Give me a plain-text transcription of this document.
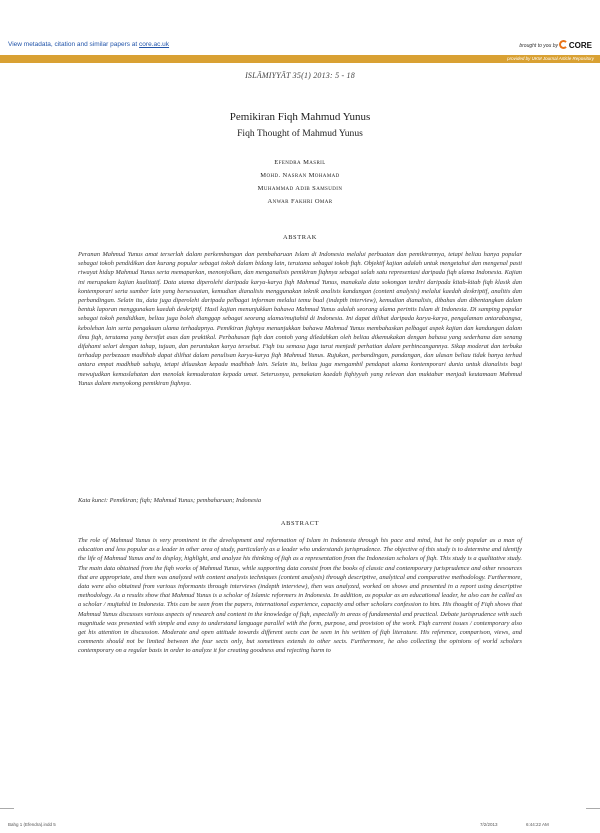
View metadata, citation and similar papers at core.ac.uk	brought to you by	CORE
provided by UKM Journal Article Repository
ISLĀMIYYĀT 35(1) 2013: 5 - 18
Pemikiran Fiqh Mahmud Yunus
Fiqh Thought of Mahmud Yunus
Efendra Masril
Mohd. Nasran Mohamad
Muhammad Adib Samsudin
Anwar Fakhri Omar
ABSTRAK
Peranan Mahmud Yunus amat terserlah dalam perkembangan dan pembaharuan Islam di Indonesia melalui perbuatan dan pemikirannya, tetapi beliau hanya popular sebagai tokoh pendidikan dan kurang popular sebagai tokoh dalam bidang lain, terutama sebagai tokoh fiqh. Objektif kajian adalah untuk mengetahui dan mengenal pasti riwayat hidup Mahmud Yunus serta memaparkan, menonjolkan, dan menganalisis pemikiran fiqhnya sebagai salah satu representasi daripada fiqh ulama Indonesia. Kajian ini merupakan kajian kualitatif. Data utama diperolehi daripada karya-karya fiqh Mahmud Yunus, manakala data sokongan terdiri daripada kitab-kitab fiqh klasik dan kontemporari serta sumber lain yang bersesuaian, kemudian dianalisis menggunakan teknik analisis kandungan (content analysis) melalui kaedah deskriptif, analitis dan perbandingan. Selain itu, data juga diperolehi daripada pelbagai informan melalui temu bual (indepth interview), kemudian dianalisis, dibahas dan dibentangkan dalam bentuk laporan menggunakan kaedah deskriptif. Hasil kajian menunjukkan bahawa Mahmud Yunus adalah seorang ulama perintis Islam di Indonesia. Di samping popular sebagai tokoh pendidikan, beliau juga boleh dianggap sebagai seorang ulama/mujtahid di Indonesia. Ini dapat dilihat daripada karya-karya, pengalaman antarabangsa, kebolehan lain serta pengakuan ulama terhadapnya. Pemikiran fiqhnya menunjukkan bahawa Mahmud Yunus membahaskan pelbagai aspek kajian dan kandungan dalam ilmu fiqh, terutama yang bersifat asas dan praktikal. Perbahasan fiqh dan contoh yang diledahkan oleh beliau dikemukakan dengan bahasa yang sederhana dan senang difahami selari dengan tahap, tujuan, dan peruntukan karya tersebut. Fiqh isu semasa juga turut menjadi perhatian dalam perbincangannya. Sikap moderat dan terbuka terhadap perbezaan madhhab dapat dilihat dalam penulisan karya-karya fiqh Mahmud Yunus. Rujukan, perbandingan, pandangan, dan ulasan beliau tidak hanya terhad antara empat madhhab sahaja, tetapi diluaskan kepada madhhab lain. Selain itu, beliau juga mengambil pendapat ulama kontemporari dunia untuk dianalisis bagi mewujudkan kemaslahatan dan menolak kemudaratan kepada umat. Seterusnya, pemakaian kaedah fiqhiyyah yang relevan dan muktabar menjadi keutamaan Mahmud Yunus dalam menyokong pemikiran fiqhnya.
Kata kunci: Pemikiran; fiqh; Mahmud Yunus; pembaharuan; Indonesia
ABSTRACT
The role of Mahmud Yunus is very prominent in the development and reformation of Islam in Indonesia through his pace and mind, but he only popular as a man of education and less popular as a leader in other area of study, particularly as a leader who understands jurisprudence. The objective of this study is to determine and identify the life of Mahmud Yunus and to display, highlight, and analyze his thinking of fiqh as a representation from the Indonesian scholars of fiqh. This study is a qualitative study. The main data obtained from the fiqh works of Mahmud Yunus, while supporting data consist from the books of classic and contemporary jurisprudence and other resources that are appropriate, and then was analyzed with content analysis techniques (content analysis) through descriptive, analytical and comparative methodology. Furthermore, data were also obtained from various informants through interviews (indepth interview), then was analyzed, worked on shows and presented in a report using descriptive methodology. As a results show that Mahmud Yunus is a scholar of Islamic reformers in Indonesia. In addition, as popular as an educational leader, he also can be called as a scholar / mujtahid in Indonesia. This can be seen from the papers, international experience, capacity and other scholars confession to him. His thought of Fiqh shows that Mahmud Yunus discusses various aspects of research and content in the knowledge of fiqh, especially in areas of fundamental and practical. Debate jurisprudence with such magnitude was presented with simple and easy to understand language parallel with the form, purpose, and provision of the work. Fiqh current issues / contemporary also get his attention in discussion. Moderate and open attitude towards different sects can be seen in his written of fiqh literature. His reference, comparison, views, and comments should not be limited between the four sects only, but sometimes extends to other sects. Furthermore, he also collecting the opinions of world scholars contemporary on a regular basis in order to analyze it for creating goodness and rejecting harm to
Bahg 1 (Efendra).indd 5	7/2/2013	6:44:22 AM
